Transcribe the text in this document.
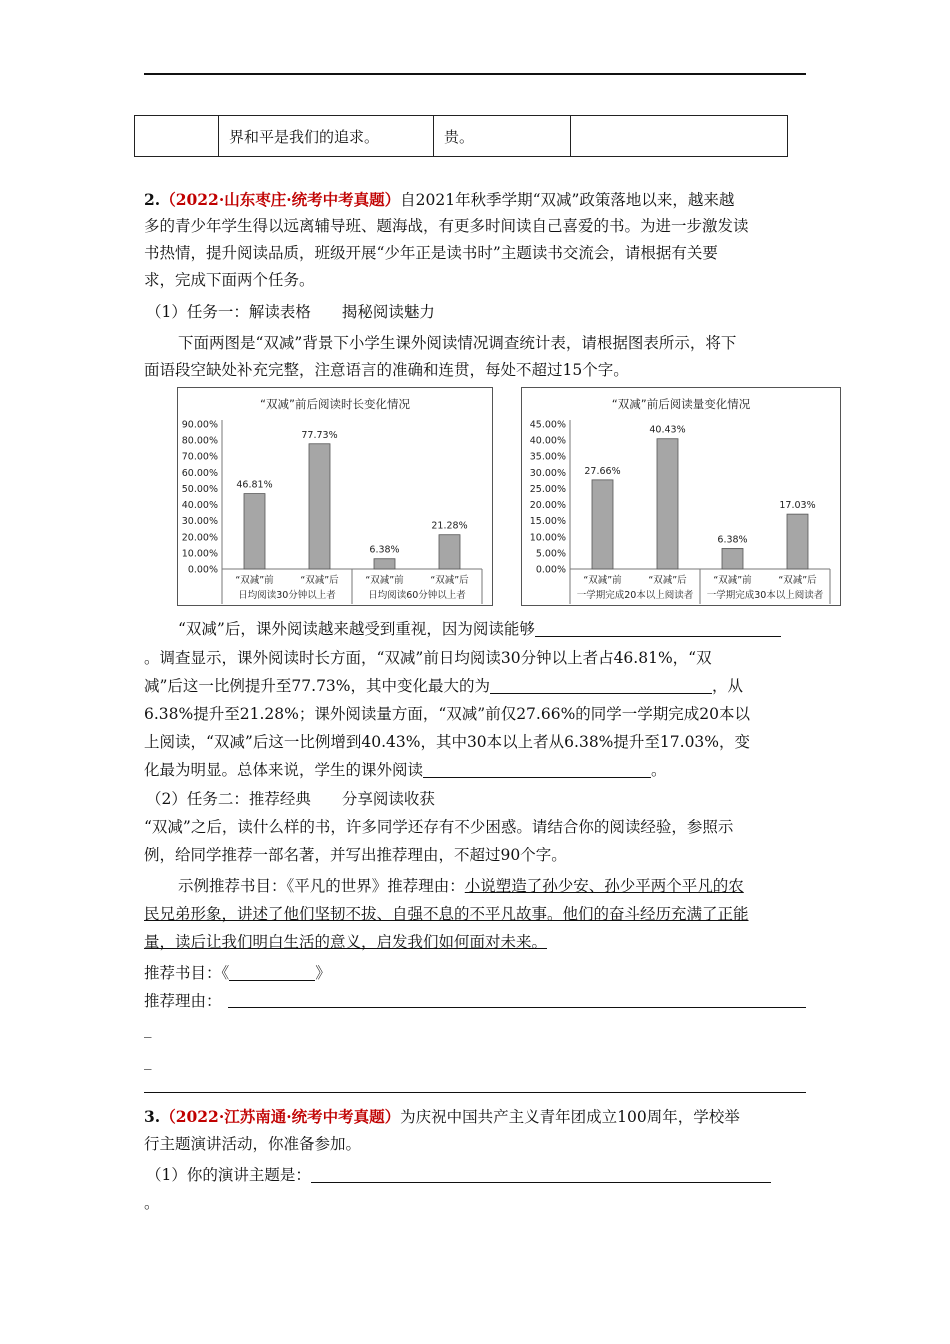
	界和平是我们的追求。	贵。	
2.（2022·山东枣庄·统考中考真题）自2021年秋季学期“双减”政策落地以来，越来越
多的青少年学生得以远离辅导班、题海战，有更多时间读自己喜爱的书。为进一步激发读
书热情，提升阅读品质，班级开展“少年正是读书时”主题读书交流会，请根据有关要
求，完成下面两个任务。
（1）任务一：解读表格　　揭秘阅读魅力
下面两图是“双减”背景下小学生课外阅读情况调查统计表，请根据图表所示，将下
面语段空缺处补充完整，注意语言的准确和连贯，每处不超过15个字。
“双减”前后阅读时长变化情况
0.00%
10.00%
20.00%
30.00%
40.00%
50.00%
60.00%
70.00%
80.00%
90.00%
46.81%
“双减”前
77.73%
“双减”后
6.38%
“双减”前
21.28%
“双减”后
日均阅读30分钟以上者	日均阅读60分钟以上者
“双减”前后阅读量变化情况
0.00%
5.00%
10.00%
15.00%
20.00%
25.00%
30.00%
35.00%
40.00%
45.00%
27.66%
“双减”前
40.43%
“双减”后
6.38%
“双减”前
17.03%
“双减”后
一学期完成20本以上阅读者 一学期完成30本以上阅读者
“双减”后，课外阅读越来越受到重视，因为阅读能够
。调查显示，课外阅读时长方面，“双减”前日均阅读30分钟以上者占46.81%，“双
减”后这一比例提升至77.73%，其中变化最大的为	，从
6.38%提升至21.28%；课外阅读量方面，“双减”前仅27.66%的同学一学期完成20本以
上阅读，“双减”后这一比例增到40.43%，其中30本以上者从6.38%提升至17.03%，变
化最为明显。总体来说，学生的课外阅读	。
（2）任务二：推荐经典　　分享阅读收获
“双减”之后，读什么样的书，许多同学还存有不少困惑。请结合你的阅读经验，参照示
例，给同学推荐一部名著，并写出推荐理由，不超过90个字。
示例推荐书目：《平凡的世界》推荐理由：小说塑造了孙少安、孙少平两个平凡的农
民兄弟形象，讲述了他们坚韧不拔、自强不息的不平凡故事。他们的奋斗经历充满了正能
量，读后让我们明白生活的意义，启发我们如何面对未来。
推荐书目：《	》
推荐理由：
_
_
3.（2022·江苏南通·统考中考真题）为庆祝中国共产主义青年团成立100周年，学校举
行主题演讲活动，你准备参加。
（1）你的演讲主题是：
。
